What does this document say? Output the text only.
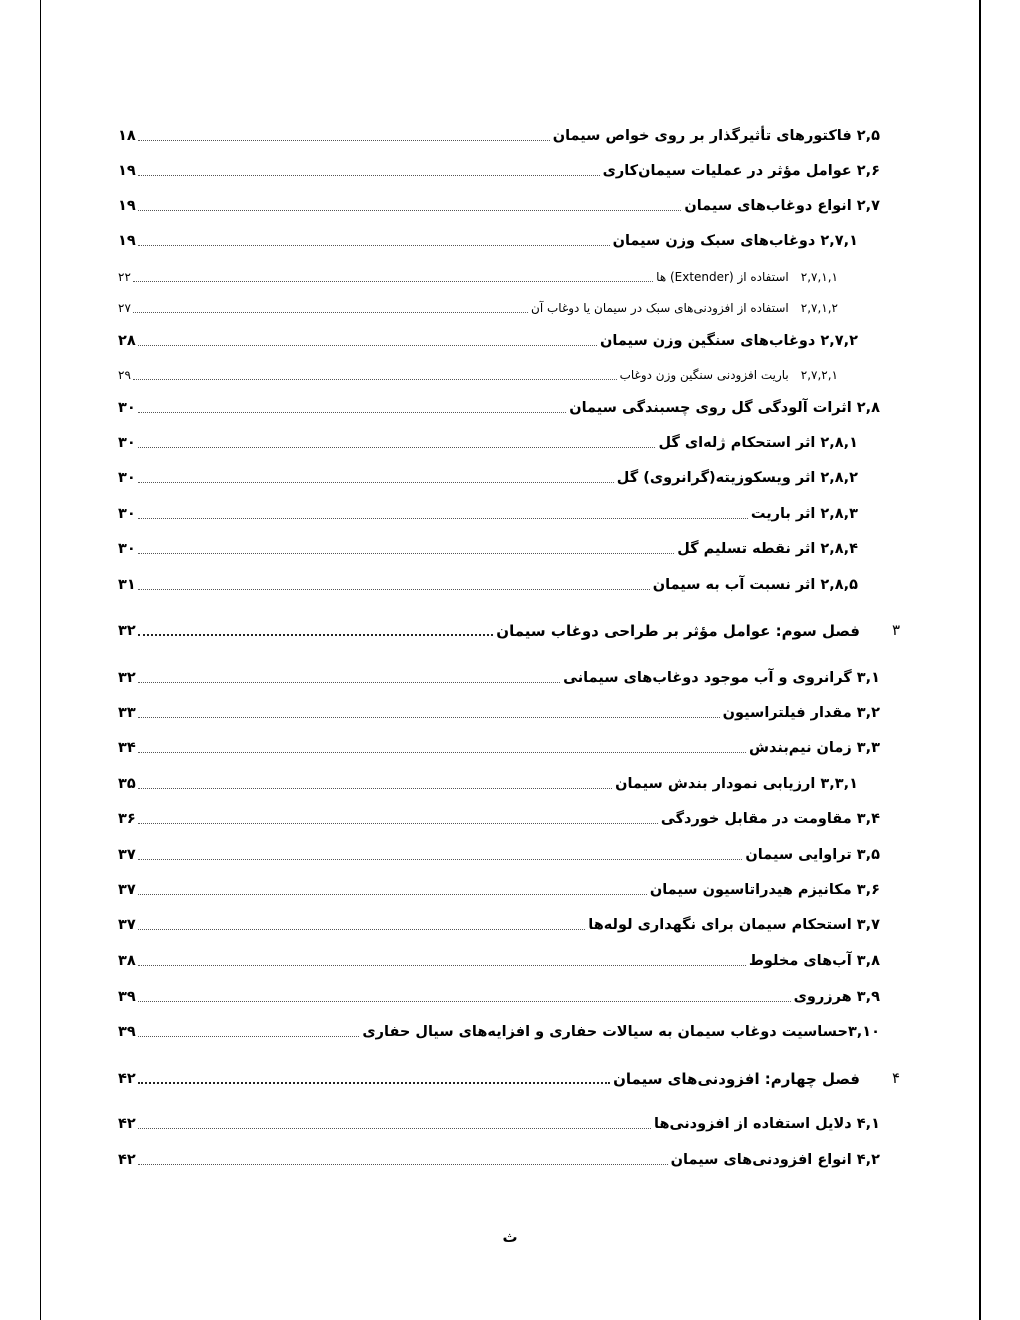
۲,۵ فاکتورهای تأثیرگذار بر روی خواص سیمان
۱۸
۲,۶ عوامل مؤثر در عملیات سیمان‌کاری
۱۹
۲,۷ انواع دوغاب‌های سیمان
۱۹
۲,۷,۱ دوغاب‌های سبک وزن سیمان
۱۹
۲,۷,۱,۱استفاده از (Extender) ها
۲۲
۲,۷,۱,۲استفاده از افزودنی‌های سبک در سیمان یا دوغاب آن
۲۷
۲,۷,۲ دوغاب‌های سنگین وزن سیمان
۲۸
۲,۷,۲,۱باریت افزودنی سنگین وزن دوغاب
۲۹
۲,۸ اثرات آلودگی گل روی چسبندگی سیمان
۳۰
۲,۸,۱ اثر استحکام ژله‌ای گل
۳۰
۲,۸,۲ اثر ویسکوزیته(گرانروی) گل
۳۰
۲,۸,۳ اثر باریت
۳۰
۲,۸,۴ اثر نقطه تسلیم گل
۳۰
۲,۸,۵ اثر نسبت آب به سیمان
۳۱
۳
فصل سوم: عوامل مؤثر بر طراحی دوغاب سیمان
۳۲
۳,۱ گرانروی و آب موجود دوغاب‌های سیمانی
۳۲
۳,۲ مقدار فیلتراسیون
۳۳
۳,۳ زمان نیم‌بندش
۳۴
۳,۳,۱ ارزیابی نمودار بندش سیمان
۳۵
۳,۴ مقاومت در مقابل خوردگی
۳۶
۳,۵ تراوایی سیمان
۳۷
۳,۶ مکانیزم هیدراتاسیون سیمان
۳۷
۳,۷ استحکام سیمان برای نگهداری لوله‌ها
۳۷
۳,۸ آب‌های مخلوط
۳۸
۳,۹ هرزروی
۳۹
۳,۱۰حساسیت دوغاب سیمان به سیالات حفاری و افزایه‌های سیال حفاری
۳۹
۴
فصل چهارم: افزودنی‌های سیمان
۴۲
۴,۱ دلایل استفاده از افزودنی‌ها
۴۲
۴,۲ انواع افزودنی‌های سیمان
۴۲
ث
